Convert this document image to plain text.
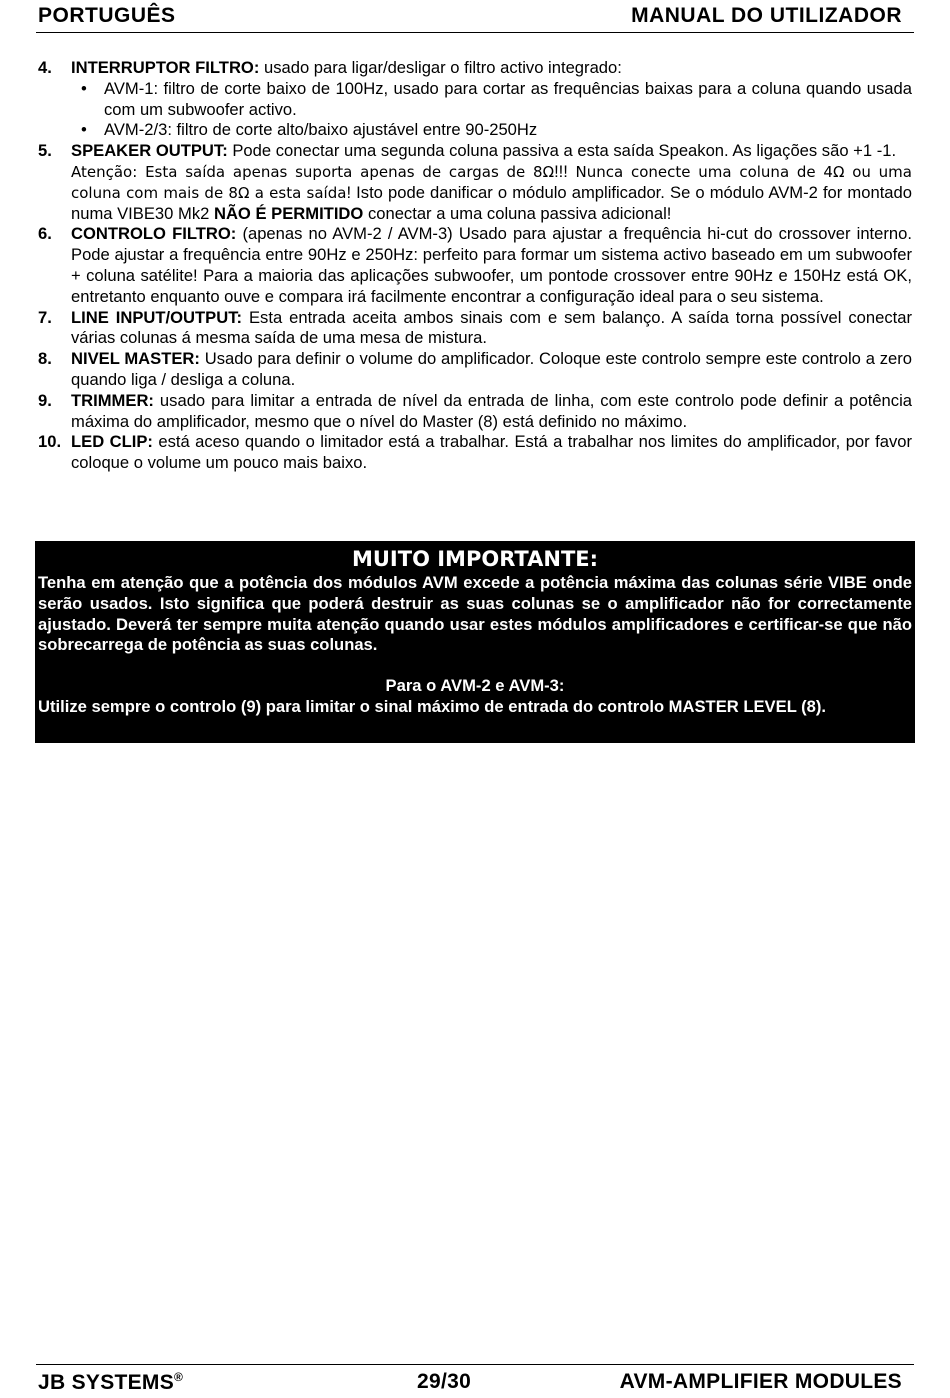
PORTUGUÊS	MANUAL DO UTILIZADOR
4. INTERRUPTOR FILTRO: usado para ligar/desligar o filtro activo integrado:
• AVM-1: filtro de corte baixo de 100Hz, usado para cortar as frequências baixas para a coluna quando usada com um subwoofer activo.
• AVM-2/3: filtro de corte alto/baixo ajustável entre 90-250Hz
5. SPEAKER OUTPUT: Pode conectar uma segunda coluna passiva a esta saída Speakon. As ligações são +1 -1.
Atenção: Esta saída apenas suporta apenas de cargas de 8Ω!!! Nunca conecte uma coluna de 4Ω ou uma coluna com mais de 8Ω a esta saída! Isto pode danificar o módulo amplificador. Se o módulo AVM-2 for montado numa VIBE30 Mk2 NÃO É PERMITIDO conectar a uma coluna passiva adicional!
6. CONTROLO FILTRO: (apenas no AVM-2 / AVM-3) Usado para ajustar a frequência hi-cut do crossover interno. Pode ajustar a frequência entre 90Hz e 250Hz: perfeito para formar um sistema activo baseado em um subwoofer + coluna satélite! Para a maioria das aplicações subwoofer, um pontode crossover entre 90Hz e 150Hz está OK, entretanto enquanto ouve e compara irá facilmente encontrar a configuração ideal para o seu sistema.
7. LINE INPUT/OUTPUT: Esta entrada aceita ambos sinais com e sem balanço. A saída torna possível conectar várias colunas á mesma saída de uma mesa de mistura.
8. NIVEL MASTER: Usado para definir o volume do amplificador. Coloque este controlo sempre este controlo a zero quando liga / desliga a coluna.
9. TRIMMER: usado para limitar a entrada de nível da entrada de linha, com este controlo pode definir a potência máxima do amplificador, mesmo que o nível do Master (8) está definido no máximo.
10. LED CLIP: está aceso quando o limitador está a trabalhar. Está a trabalhar nos limites do amplificador, por favor coloque o volume um pouco mais baixo.
MUITO IMPORTANTE:
Tenha em atenção que a potência dos módulos AVM excede a potência máxima das colunas série VIBE onde serão usados. Isto significa que poderá destruir as suas colunas se o amplificador não for correctamente ajustado. Deverá ter sempre muita atenção quando usar estes módulos amplificadores e certificar-se que não sobrecarrega de potência as suas colunas.
Para o AVM-2 e AVM-3:
Utilize sempre o controlo (9) para limitar o sinal máximo de entrada do controlo MASTER LEVEL (8).
JB SYSTEMS®	29/30	AVM-AMPLIFIER MODULES
